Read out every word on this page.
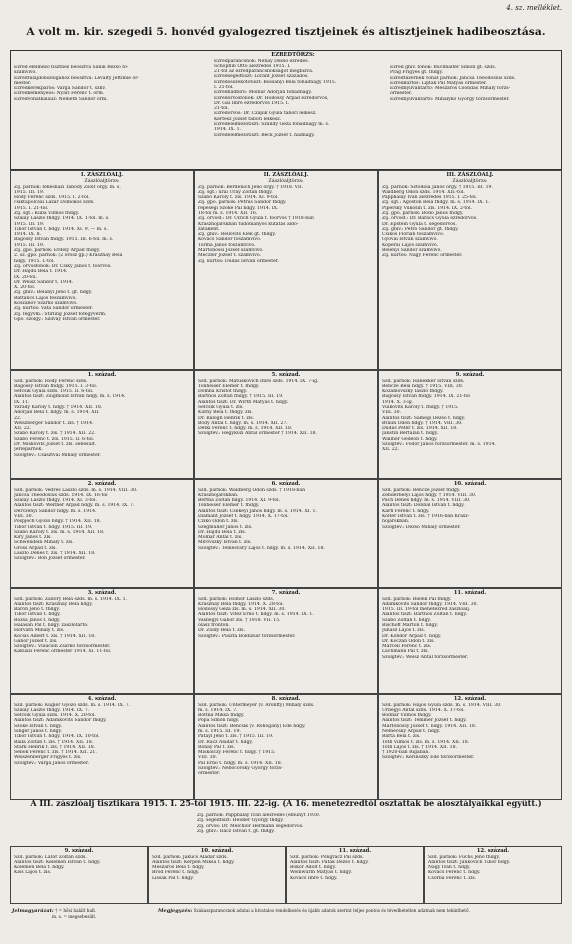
4. sz. melléklet.
A volt m. kir. szegedi 5. honvéd gyalogezred tisztjeinek és altisztjeinek hadibeosztása.
Ezred élelmező tiszthez beosztva Sánik Rezső fő-
számvivő.
Ezredtulajdonszolgához beosztva: Léválty Jeftimie őr-
mester.
Ezredkerékpáros: Varga Sándor t. szkv.
Ezredkéményeös: Nyári Ferenc t. őrm.
Ezredvonatkalauz: Németh Sándor őrm.
EZREDTÖRZS:
Ezredparancsnok: Nénay Dezső ezredes.
Schöpflin Ottó alezredes 1915. I.
21-től az ezredparancsnokságot megbízva.
Ezredsegédtiszt: Loránt József százados.
Ezredösszekötőtiszt: Bossányi Béla főhadnagy 1915.
I. 21-től.
Ezredhadbíró: Molnár Adorján főhadnagy.
Ezredorvosfőnök: Dr. Hollóssy Árpád ezredorvos,
Dr. Gál Imre ezredorvos 1915. I.
21-től.
Ezredorvos: Dr. Czapik Gyula tábori lelkész.
Kertész József tábori lelkész.
Ezredélelmezőtiszt: Szandy Géza főhadnagy m. s.
1914. IX. 1.
Ezredélelmezőtiszt: Beck József t. hadnagy.
Ezred ghiv. főnök: Buchhalter Simon gt. szds.
Prág Frigyes gt. fhdgy.
Ezredtüzérnek vonat parnok: Jancsa Theodosius szds.
Ezredkürtös: Lipták Pál Mátyás őrmester.
Ezrednyilvántartó: Mészáros Csondás Mihály törzs-
őrmester.
Ezrednyilvántartó: Mihálykó György törzsőrmester.
A III. zászlóalj tisztikara 1915. I. 25-től 1915. III. 22-ig. (A 16. menetezredtől osztattak be alosztályaikkal együtt.)
Zlj. parnok: Papphalay Iván alezredes (elhunyt 1930.
Zlj. segédtiszt: Heidler György fhdgy.
Zlj. orvos: Dr. Melchior Hermann segédorvos.
Zlj. ghiv.: Rácz István t. gt. fhdgy.
Jelmagyarázat: † = hősi halált halt.
m. s. = megsebesült.
Megjegyzés: Szakaszparancsnok adatai a hivatalos rendelkezés és újabb adatok szerint teljes pontos és tévedhetetlen adatnak nem tekinthető.
I. ZÁSZLÓALJ.
Zászlóaljtörzs:
Zlj. parnok: fekésházi Tabódy Zsolt őrgy. m. s.
1915. III. 19.
Hódy Ferenc szds. 1915. I. 2-től.
csiktapolcsai Lázár Domokos szds.
1915. I. 21-től.
Zlj. sgt.: Kuba Vilmos fhdgy.
Szalay László fhdgy. 1914. IX. 1-től. m. s.
1915. III. 19.
Tibor István t. hdgy. 1914. XI. 9. — m. s.
1914. IX. 8.
Bagossy István fhdgy. 1915. III. 6-tól. m. s.
1915. III. 19.
Zlj. gpo. parnok: Erdély Árpád fhdgy.
2. sz. gpo. parnok: (2 orosz gp.) Krasznay Béla
hdgy. 1915. I.-től.
Zlj. orvosfőnök: Dr. Csiky János t. főorvos.
Dr. Hajdú Béla t. 1914.
IX. 20-tól.
Dr. Weisz Sándor t. 1914.
X. 20-tól.
Zlj. ghiv.: Belányi Jenő t. gt. hdgy.
Battancs Lajos fészámvivő.
Koszanov Szarkó számvivő.
Zlj. kürtös: Vata Sándor őrmester.
Zlj. fegyvm.: Stirling József főfegyverm.
Gpo. szolgy.: Szilvay István őrmester.
II. ZÁSZLÓALJ.
Zászlóaljtörzs:
Zlj. parnok: Berdenich Jenő őrgy. † 1918. VII.
Zlj. sgt.: urai Uray Zoltán fhdgy.
Szabó Károly t. zls. 1914. XI. 9-től.
Zlj. gpo. parnok: Petrus Sándor fhdgy.
repesegi Szőke Pál hdgy. 1914. IX.
18-tól m. s. 1914. XII. 16.
Zlj. orvosf.: Dr. Ulrich Gyula t. főorvos † 1918-ban
Krasznojarskban tudományos kutatás áldo-
zataként.
Zlj. ghiv.: Bellovits Elek gt. fhdgy.
Kovács Sándor főszámvivő.
Torma János főszámvivő.
Martonossi József számvivő.
Meczler József t. számvivő.
Zlj. kürtös: Dudás István őrmester.
III. ZÁSZLÓALJ.
Zászlóaljtörzs:
Zlj. parnok: Sztodola János őrgy. † 1915. III. 19.
Waldberg Ödön szds. 1914. XII.-től.
Papphalay Iván alezredes 1915. I. 25-től.
Zlj. sgt.: Ágoston Béla fhdgy. m. s. 1914. IX. 1.
Pipersky Vukosin t. zls. 1914. IX. 2-től.
Zlj. gpo. parnok: Bodó János fhdgy.
Zlj. orvosf.: Dr. Baracs Gyula ezredorvos.
Dr. Epstein Gyula t. segédorvos.
Zlj. ghiv.: Petró Sándor gt. fhdgy.
Csikós Flórián főszámvivő.
Gyovai István számvivő.
Koperai Lajos számvivő.
Belenyi Sándor számvivő.
Zlj. kürtös: Nagy Ferenc őrmester.
1. század.
Szd. parnok: Hódy Ferenc szds.
Bagossy István fhdgy. 1915. I. 3-tól.
Sefcsik Gyula szds. 1915. II. 6-tól.
Alantos tiszt: Zsigmond István hdgy. m. s. 1914.
IX. 11.
Várady Károly t. hdgy. † 1914. XII. 18.
Adorján Béla t. hdgy. m. s. 1914. XII.
22.
Welszberger Sándor t. zls. † 1914.
XII. 22.
Szabó Károly t. zls. † 1914. XII. 22.
Szabó Ferenc t. zls. 1915. II. 6-tól.
Dr. Miskovits József t. zls. sebesült.
Jerleparnok.
Szolgtev.: Császtvai Mihály őrmester.
5. század.
Szd. parnok: Matuskovich Imre szds. 1914. IX. 7-ig.
Tonheiser Elemér t. fhdgy.
Domba Kristóf fhdgy.
Barthos Zoltán fhdgy. † 1915. III. 19.
Alantos tiszt: Dr. Wirth Mátyás t. hdgy.
Sefcsik Gyula t. zls.
Kuthy Béla t. fhdgy. zls.
Dr. Balogh Henrik t. zls.
Bődy Antal t. hdgy. m. s. 1914. XII. 27.
Detki Ferenc t. hdgy. m. s. 1914. XII. 18.
Szolgtev.: Hegyközi Antal őrmester † 1914. XII. 18.
9. század.
Szd. parnok: Hanekker István szds.
Bencze Béla hdgy. † 1915. VIII. 30.
Kozamovszky Iászló fhdgy.
Bagossy István fhdgy. 1914. IX. 21-től
1914. X. 3-ig.
Vulkovits Károly t. fhdgy. † 1915.
VIII. 30.
Alantos tiszt: Sámegi Dezső t. hdgy.
Braun Ödön hdgy. † 1914. VIII. 30.
Dudás Péter t. zls. 1914. XII. 18.
Janstin Bertalan t. hdgy.
Wallner Gedeon t. hdgy.
Szolgtev.: Fodor János törzsőrmester. m. s. 1914.
XII. 22.
2. század.
Szd. parnok: Vedres László szds. m. s. 1914. VIII. 30.
Jancsa Theodosius szds. 1914. IX. 16-tól
Szalay László fhdgy. 1914. XI. 3-tól.
Alantos tiszt: Welther Árpád hdgy. m. s. 1914. IX. 7.
Derczényi Sándor hdgy. m. s. 1914.
VIII. 30.
Pospjech Győző hdgy. † 1914. XII. 18.
Tibor István t. hdgy. 1915. III. 19.
Szabó Károly t. zls. m. s. 1914. XII. 18.
Kiry János t. zls.
Schwendein Mihály t. zls.
Gross Árpád t. zls.
László Dénes t. zls. † 1914. XII. 18.
Szolgtev.: Bőn József őrmester.
6. század.
Szd. parnok: Waldberg Ödön szds. † 1918-ban
Krasznojarskban.
Bertha Zoltán hdgy. 1914. XI. 9-től.
Tonheiser Elemér t. fhdgy.
Alantos tiszt: Csekeyi János hdgy. m. s. 1914. XI. 1.
Diamant József t. hdgy. 1914. X. 17-től.
Czikó Ödön t. zls.
Szegmüller János t. zls.
Dr. Hajdú Béla t. zls.
Molnár Antal t. zls.
Mirovszky István t. zls.
Szolgtev.: Temesváry Lajos t. hdgy. m. s. 1914. XII. 18.
10. század.
Szd. parnok: Bencze József fhdgy.
Zenderhelyi Lajos hdgy. † 1914. VIII. 30.
Pach Dénes hdgy. m. s. 1914. VIII. 30.
Alantos tiszt: Dobbal István t. hdgy.
Karfi Ferenc t. hdgy.
Kolter István t. zls. † 1916-ban Krasz-
nojarskban.
Szolgtev.: Dezső Mihály őrmester.
3. század.
Szd. parnok: Zádory Béla szds. m. s. 1914. IX. 1.
Alantos tiszt: Krasznay Béla hdgy.
Baron Jenő t. fhdgy.
Tibor István t. hdgy.
Rózsa János t. hdgy.
Halasán Pál t. hdgy. zászlótartó.
Horváth Mihály t. zls.
Kocsis Albert t. zls. † 1914. XII. 18.
Gábor József t. zls.
Szolgtev.: Vlaucsin Zsarkó törzsőrmester.
Kakuszi Ferenc őrmester 1914. XI. 11-től.
7. század.
Szd. parnok: Homor László szds.
Krasznay Béla fhdgy. 1914. X. 28-tól.
Hódossy Géza zls. m. s. 1914. XII. 30.
Alantos tiszt: Vitéz Ernő t. hdgy. m. s. 1914. IX. 1.
Vasbegyi Gábor zls. † 1918. VII. 15.
olasz fronton.
Dr. Zöldy Béla t. zls.
Szolgtev.: Puszta Boldizsár törzsőrmester.
11. század.
Szd. parnok: Bielek Pál fhdgy.
Ádámkovits Sándor fhdgy. 1914. VIII. 30.
1915. III. 19-től menetezred zászlóalj.
Alantos tiszt: Barthos Zoltán t. hdgy.
Szabó Zoltán t. hdgy.
Bischoff Márton t. hdgy.
Juhász Lajos t. zls.
Dr. Kondor Árpád t. hdgy.
Dr. Kóczán Ödön t. zls.
Marcell Ferenc t. zls.
Lachmann Pál t. zls.
Szolgtev.: Weisz Antal törzsőrmester.
4. század.
Szd. parnok: Kugler Győző szds. m. s. 1914. IX. 7.
Szalay László fhdgy. 1914. IX. 7.
Sefcsik Gyula szds. 1914. X. 20-tól.
Alantos tiszt: Ádámkovits Sándor fhdgy.
Szőke István t. hdgy.
Singer János t. hdgy.
Tibor István t. hdgy. 1914. IX. 10-től.
Balla Zoltán t. zls. † 1914. XII. 18.
Stark Henrik t. zls. † 1914. XII. 18.
Sebők Ferenc t. zls. † 1914. XII. 21.
Weiszenberger Frigyes t. zls.
Szolgtev.: Varga János őrmester.
8. század.
Szd. parnok: Untermeyer (v. Áronffy) Mihály szds.
m. s. 1914. IX. 7.
Bottka Miksa fhdgy.
Popa Simon hdgy.
Alantos tiszt: Bencsik (v. Rohogány) Ede hdgy.
m. s. 1915. III. 19.
Patayl Jenő t. zls. † 1915. III. 19.
Dr. Rácz Aladár t. hdgy.
Rónay Pál t. zls.
Miskolczy Ferenc t. hdgy. † 1915.
VIII. 30.
Pál Ernő t. hdgy. m. s. 1914. XII. 18.
Szolgtev.: Nebocovsky György törzs-
őrmester.
12. század.
Szd. parnok: Hajós Gyula szds. m. s. 1914. VIII. 30.
Urbegyi Antal szds. 1914. X. 17-től.
Bodnár Vilmos fhdgy.
Alantos tiszt: Temmer József t. hdgy.
Martonossy József t. hdgy. 1914. XII. 18.
Nemecsky Árpád t. hdgy.
Barta Béla t. zls.
Tóth Vilmos t. zls. m. s. 1914. XII. 18.
Tóth Lajos t. zls. † 1914. XII. 18.
† 1920-ban Rigában.
Szolgtev.: Kerinszky Ede törzsőrmester.
9. század.
Szd. parnok: Lator Zoltán szds.
Alantos tiszt: Kelemen István t. hdgy.
Kolemen Béla t. hdgy.
Kiss Lajos t. zls.
10. század.
Szd. parnok: Jakucs Aladár szds.
Alantos tiszt: Kerpen Miksa t. hdgy.
Mészáros Béla t. hdgy.
Bród Ferenc t. hdgy.
Lissák Pál t. hdgy.
11. század.
Szd. parnok: Pongrácz Pál szds.
Alantos tiszt: Patak Dezső t. hdgy.
Bokor Adolf t. hdgy.
Weinwurm Mátyás t. hdgy.
Kovács Imre t. hdgy.
12. század.
Szd. parnok: Fuchs Jenő fhdgy.
Alantos tiszt: Jankovich Tibor hdgy.
Nagy Iván t. hdgy.
Kovács Ferenc t. hdgy.
Csorba Ferenc t. zls.
